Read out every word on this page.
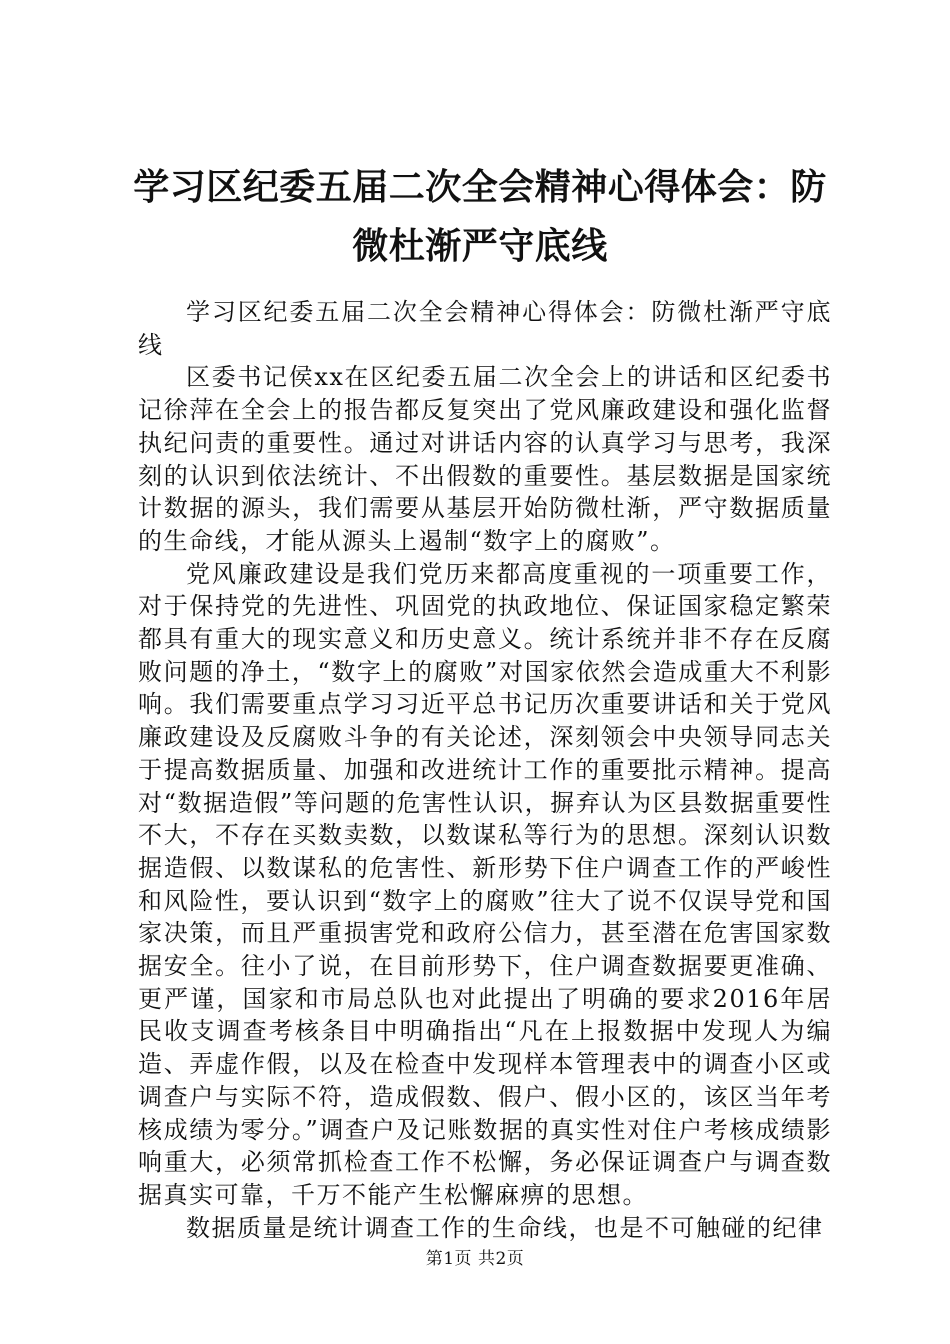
学习区纪委五届二次全会精神心得体会：防微杜渐严守底线

学习区纪委五届二次全会精神心得体会：防微杜渐严守底线

区委书记侯xx在区纪委五届二次全会上的讲话和区纪委书记徐萍在全会上的报告都反复突出了党风廉政建设和强化监督执纪问责的重要性。通过对讲话内容的认真学习与思考，我深刻的认识到依法统计、不出假数的重要性。基层数据是国家统计数据的源头，我们需要从基层开始防微杜渐，严守数据质量的生命线，才能从源头上遏制“数字上的腐败”。

党风廉政建设是我们党历来都高度重视的一项重要工作，对于保持党的先进性、巩固党的执政地位、保证国家稳定繁荣都具有重大的现实意义和历史意义。统计系统并非不存在反腐败问题的净土，“数字上的腐败”对国家依然会造成重大不利影响。我们需要重点学习习近平总书记历次重要讲话和关于党风廉政建设及反腐败斗争的有关论述，深刻领会中央领导同志关于提高数据质量、加强和改进统计工作的重要批示精神。提高对“数据造假”等问题的危害性认识，摒弃认为区县数据重要性不大，不存在买数卖数，以数谋私等行为的思想。深刻认识数据造假、以数谋私的危害性、新形势下住户调查工作的严峻性和风险性，要认识到“数字上的腐败”往大了说不仅误导党和国家决策，而且严重损害党和政府公信力，甚至潜在危害国家数据安全。往小了说，在目前形势下，住户调查数据要更准确、更严谨，国家和市局总队也对此提出了明确的要求2016年居民收支调查考核条目中明确指出“凡在上报数据中发现人为编造、弄虚作假，以及在检查中发现样本管理表中的调查小区或调查户与实际不符，造成假数、假户、假小区的，该区当年考核成绩为零分。”调查户及记账数据的真实性对住户考核成绩影响重大，必须常抓检查工作不松懈，务必保证调查户与调查数据真实可靠，千万不能产生松懈麻痹的思想。

数据质量是统计调查工作的生命线，也是不可触碰的纪律

第1页 共2页
